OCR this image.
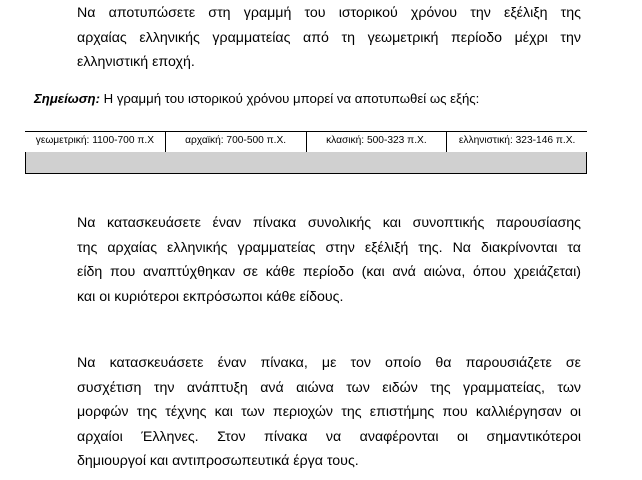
Να αποτυπώσετε στη γραμμή του ιστορικού χρόνου την εξέλιξη της
αρχαίας ελληνικής γραμματείας από τη γεωμετρική περίοδο μέχρι την
ελληνιστική εποχή.
Σημείωση: Η γραμμή του ιστορικού χρόνου μπορεί να αποτυπωθεί ως εξής:
γεωμετρική: 1100-700 π.Χ	αρχαϊκή: 700-500 π.Χ.	κλασική: 500-323 π.Χ.	ελληνιστική: 323-146 π.Χ.
Να κατασκευάσετε έναν πίνακα συνολικής και συνοπτικής παρουσίασης
της αρχαίας ελληνικής γραμματείας στην εξέλιξή της. Να διακρίνονται τα
είδη που αναπτύχθηκαν σε κάθε περίοδο (και ανά αιώνα, όπου χρειάζεται)
και οι κυριότεροι εκπρόσωποι κάθε είδους.
Να κατασκευάσετε έναν πίνακα, με τον οποίο θα παρουσιάζετε σε
συσχέτιση την ανάπτυξη ανά αιώνα των ειδών της γραμματείας, των
μορφών της τέχνης και των περιοχών της επιστήμης που καλλιέργησαν οι
αρχαίοι Έλληνες. Στον πίνακα να αναφέρονται οι σημαντικότεροι
δημιουργοί και αντιπροσωπευτικά έργα τους.
